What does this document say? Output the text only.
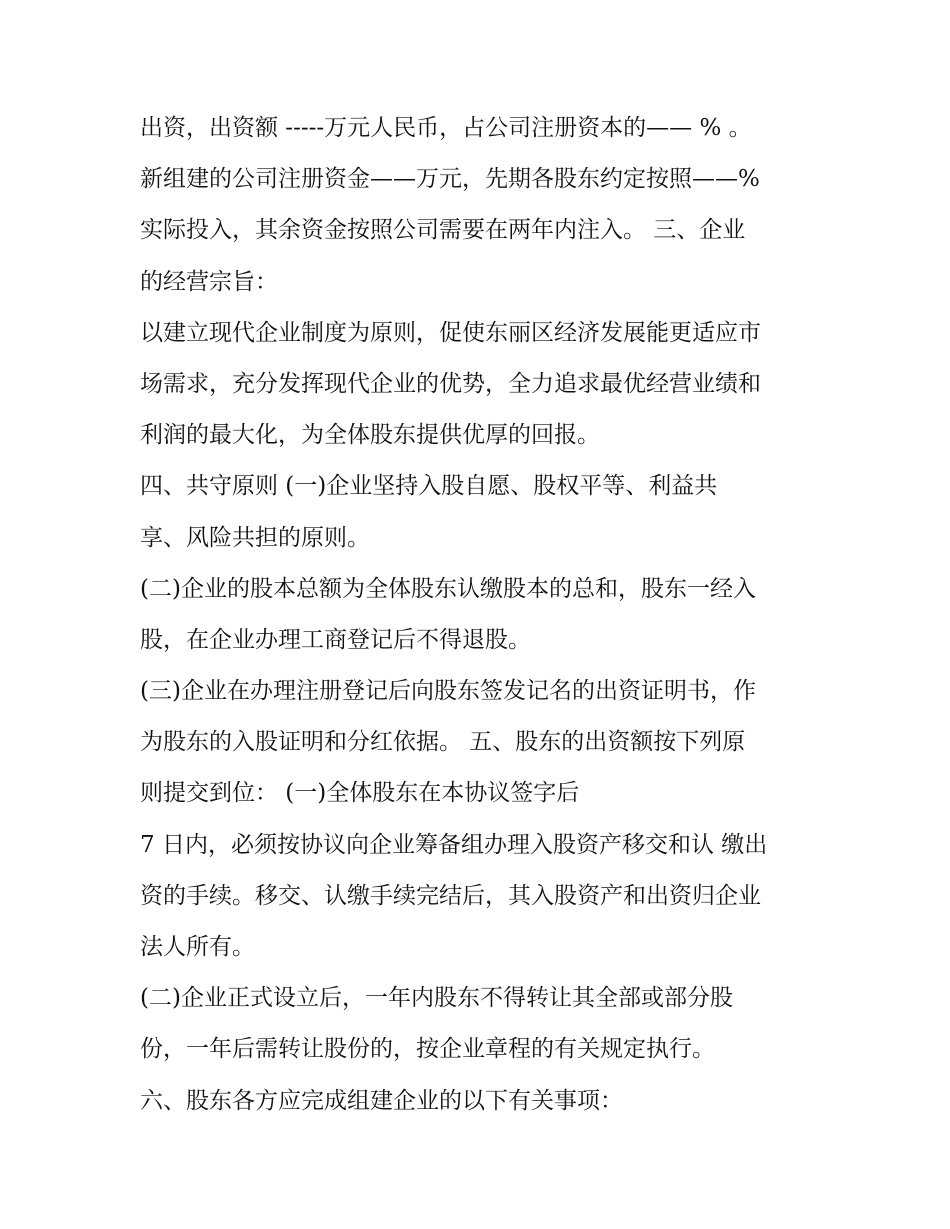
出资，出资额 -----万元人民币，占公司注册资本的—— % 。
新组建的公司注册资金——万元，先期各股东约定按照——%
实际投入，其余资金按照公司需要在两年内注入。 三、企业
的经营宗旨：
以建立现代企业制度为原则，促使东丽区经济发展能更适应市
场需求，充分发挥现代企业的优势，全力追求最优经营业绩和
利润的最大化，为全体股东提供优厚的回报。
四、共守原则 (一)企业坚持入股自愿、股权平等、利益共
享、风险共担的原则。
(二)企业的股本总额为全体股东认缴股本的总和，股东一经入
股，在企业办理工商登记后不得退股。
(三)企业在办理注册登记后向股东签发记名的出资证明书，作
为股东的入股证明和分红依据。 五、股东的出资额按下列原
则提交到位： (一)全体股东在本协议签字后
7 日内，必须按协议向企业筹备组办理入股资产移交和认 缴出
资的手续。移交、认缴手续完结后，其入股资产和出资归企业
法人所有。
(二)企业正式设立后，一年内股东不得转让其全部或部分股
份，一年后需转让股份的，按企业章程的有关规定执行。
六、股东各方应完成组建企业的以下有关事项：
